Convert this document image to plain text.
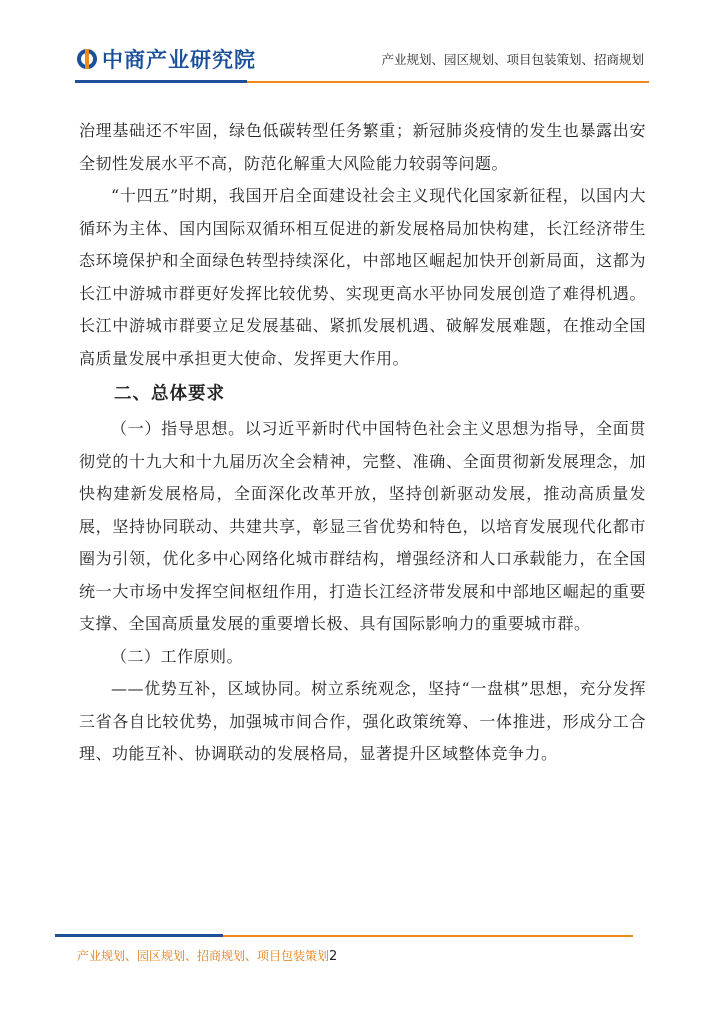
中商产业研究院	产业规划、园区规划、项目包装策划、招商规划

治理基础还不牢固，绿色低碳转型任务繁重；新冠肺炎疫情的发生也暴露出安全韧性发展水平不高，防范化解重大风险能力较弱等问题。

“十四五”时期，我国开启全面建设社会主义现代化国家新征程，以国内大循环为主体、国内国际双循环相互促进的新发展格局加快构建，长江经济带生态环境保护和全面绿色转型持续深化，中部地区崛起加快开创新局面，这都为长江中游城市群更好发挥比较优势、实现更高水平协同发展创造了难得机遇。长江中游城市群要立足发展基础、紧抓发展机遇、破解发展难题，在推动全国高质量发展中承担更大使命、发挥更大作用。

二、总体要求

（一）指导思想。以习近平新时代中国特色社会主义思想为指导，全面贯彻党的十九大和十九届历次全会精神，完整、准确、全面贯彻新发展理念，加快构建新发展格局，全面深化改革开放，坚持创新驱动发展，推动高质量发展，坚持协同联动、共建共享，彰显三省优势和特色，以培育发展现代化都市圈为引领，优化多中心网络化城市群结构，增强经济和人口承载能力，在全国统一大市场中发挥空间枢纽作用，打造长江经济带发展和中部地区崛起的重要支撑、全国高质量发展的重要增长极、具有国际影响力的重要城市群。

（二）工作原则。

——优势互补，区域协同。树立系统观念，坚持“一盘棋”思想，充分发挥三省各自比较优势，加强城市间合作，强化政策统筹、一体推进，形成分工合理、功能互补、协调联动的发展格局，显著提升区域整体竞争力。

产业规划、园区规划、招商规划、项目包装策划2
